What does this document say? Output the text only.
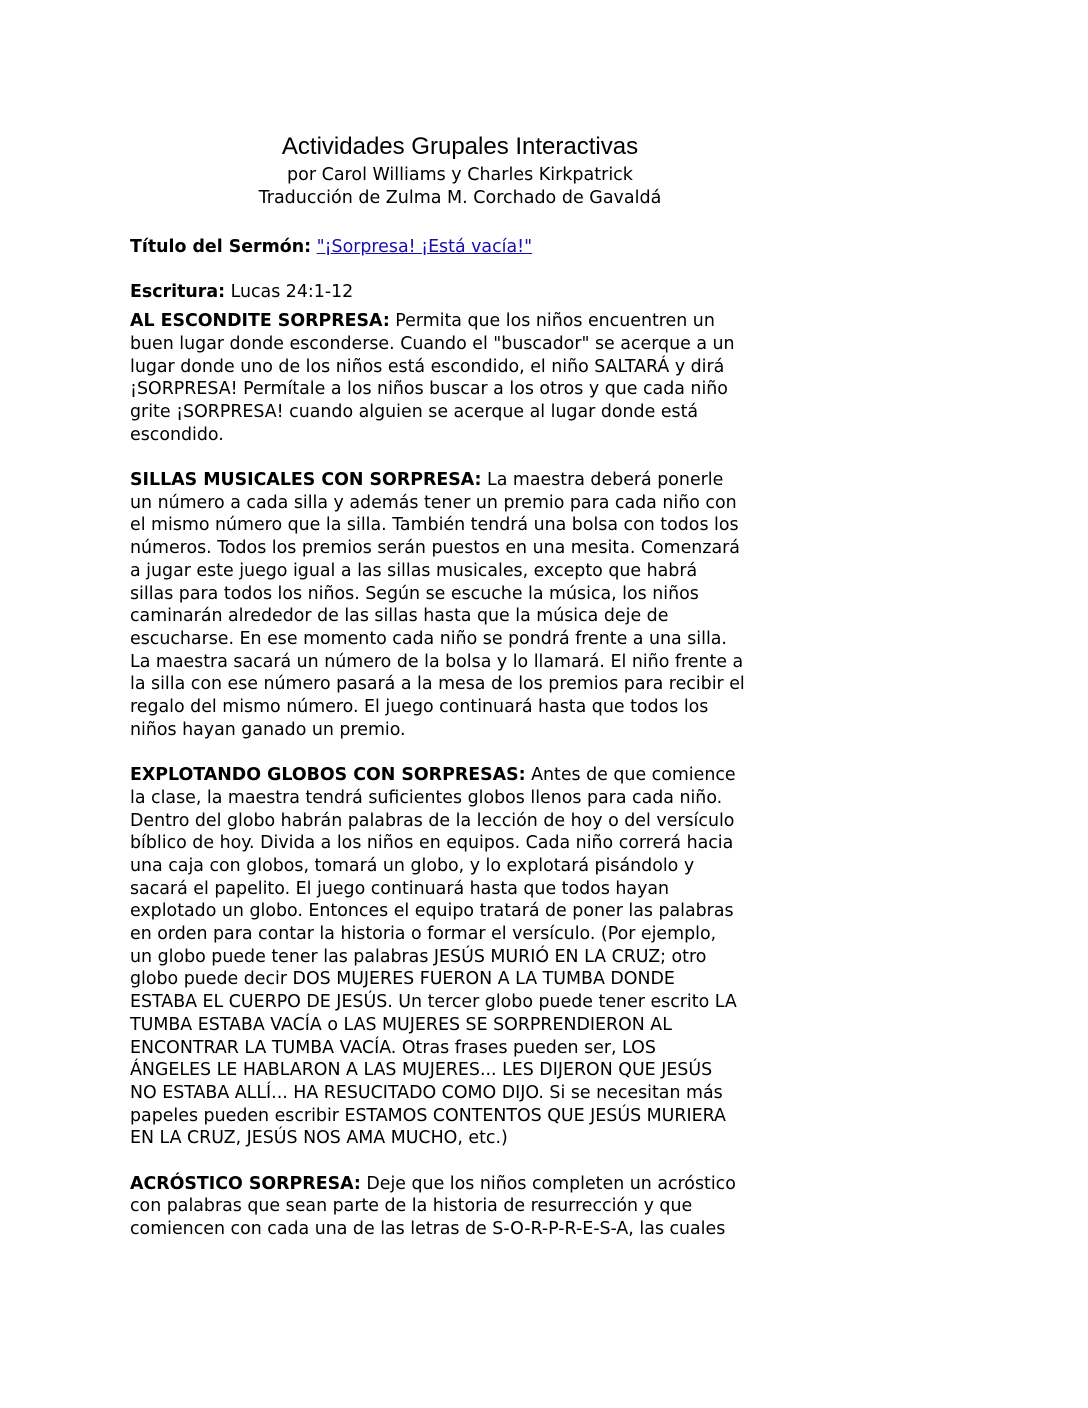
Actividades Grupales Interactivas

por Carol Williams y Charles Kirkpatrick

Traducción de Zulma M. Corchado de Gavaldá

Título del Sermón: "¡Sorpresa! ¡Está vacía!"

Escritura: Lucas 24:1-12

AL ESCONDITE SORPRESA: Permita que los niños encuentren un
buen lugar donde esconderse. Cuando el "buscador" se acerque a un
lugar donde uno de los niños está escondido, el niño SALTARÁ y dirá
¡SORPRESA! Permítale a los niños buscar a los otros y que cada niño
grite ¡SORPRESA! cuando alguien se acerque al lugar donde está
escondido.
SILLAS MUSICALES CON SORPRESA: La maestra deberá ponerle
un número a cada silla y además tener un premio para cada niño con
el mismo número que la silla. También tendrá una bolsa con todos los
números. Todos los premios serán puestos en una mesita. Comenzará
a jugar este juego igual a las sillas musicales, excepto que habrá
sillas para todos los niños. Según se escuche la música, los niños
caminarán alrededor de las sillas hasta que la música deje de
escucharse. En ese momento cada niño se pondrá frente a una silla.
La maestra sacará un número de la bolsa y lo llamará. El niño frente a
la silla con ese número pasará a la mesa de los premios para recibir el
regalo del mismo número. El juego continuará hasta que todos los
niños hayan ganado un premio.
EXPLOTANDO GLOBOS CON SORPRESAS: Antes de que comience
la clase, la maestra tendrá suficientes globos llenos para cada niño.
Dentro del globo habrán palabras de la lección de hoy o del versículo
bíblico de hoy. Divida a los niños en equipos. Cada niño correrá hacia
una caja con globos, tomará un globo, y lo explotará pisándolo y
sacará el papelito. El juego continuará hasta que todos hayan
explotado un globo. Entonces el equipo tratará de poner las palabras
en orden para contar la historia o formar el versículo. (Por ejemplo,
un globo puede tener las palabras JESÚS MURIÓ EN LA CRUZ; otro
globo puede decir DOS MUJERES FUERON A LA TUMBA DONDE
ESTABA EL CUERPO DE JESÚS. Un tercer globo puede tener escrito LA
TUMBA ESTABA VACÍA o LAS MUJERES SE SORPRENDIERON AL
ENCONTRAR LA TUMBA VACÍA. Otras frases pueden ser, LOS
ÁNGELES LE HABLARON A LAS MUJERES... LES DIJERON QUE JESÚS
NO ESTABA ALLÍ... HA RESUCITADO COMO DIJO. Si se necesitan más
papeles pueden escribir ESTAMOS CONTENTOS QUE JESÚS MURIERA
EN LA CRUZ, JESÚS NOS AMA MUCHO, etc.)
ACRÓSTICO SORPRESA: Deje que los niños completen un acróstico
con palabras que sean parte de la historia de resurrección y que
comiencen con cada una de las letras de S-O-R-P-R-E-S-A, las cuales
